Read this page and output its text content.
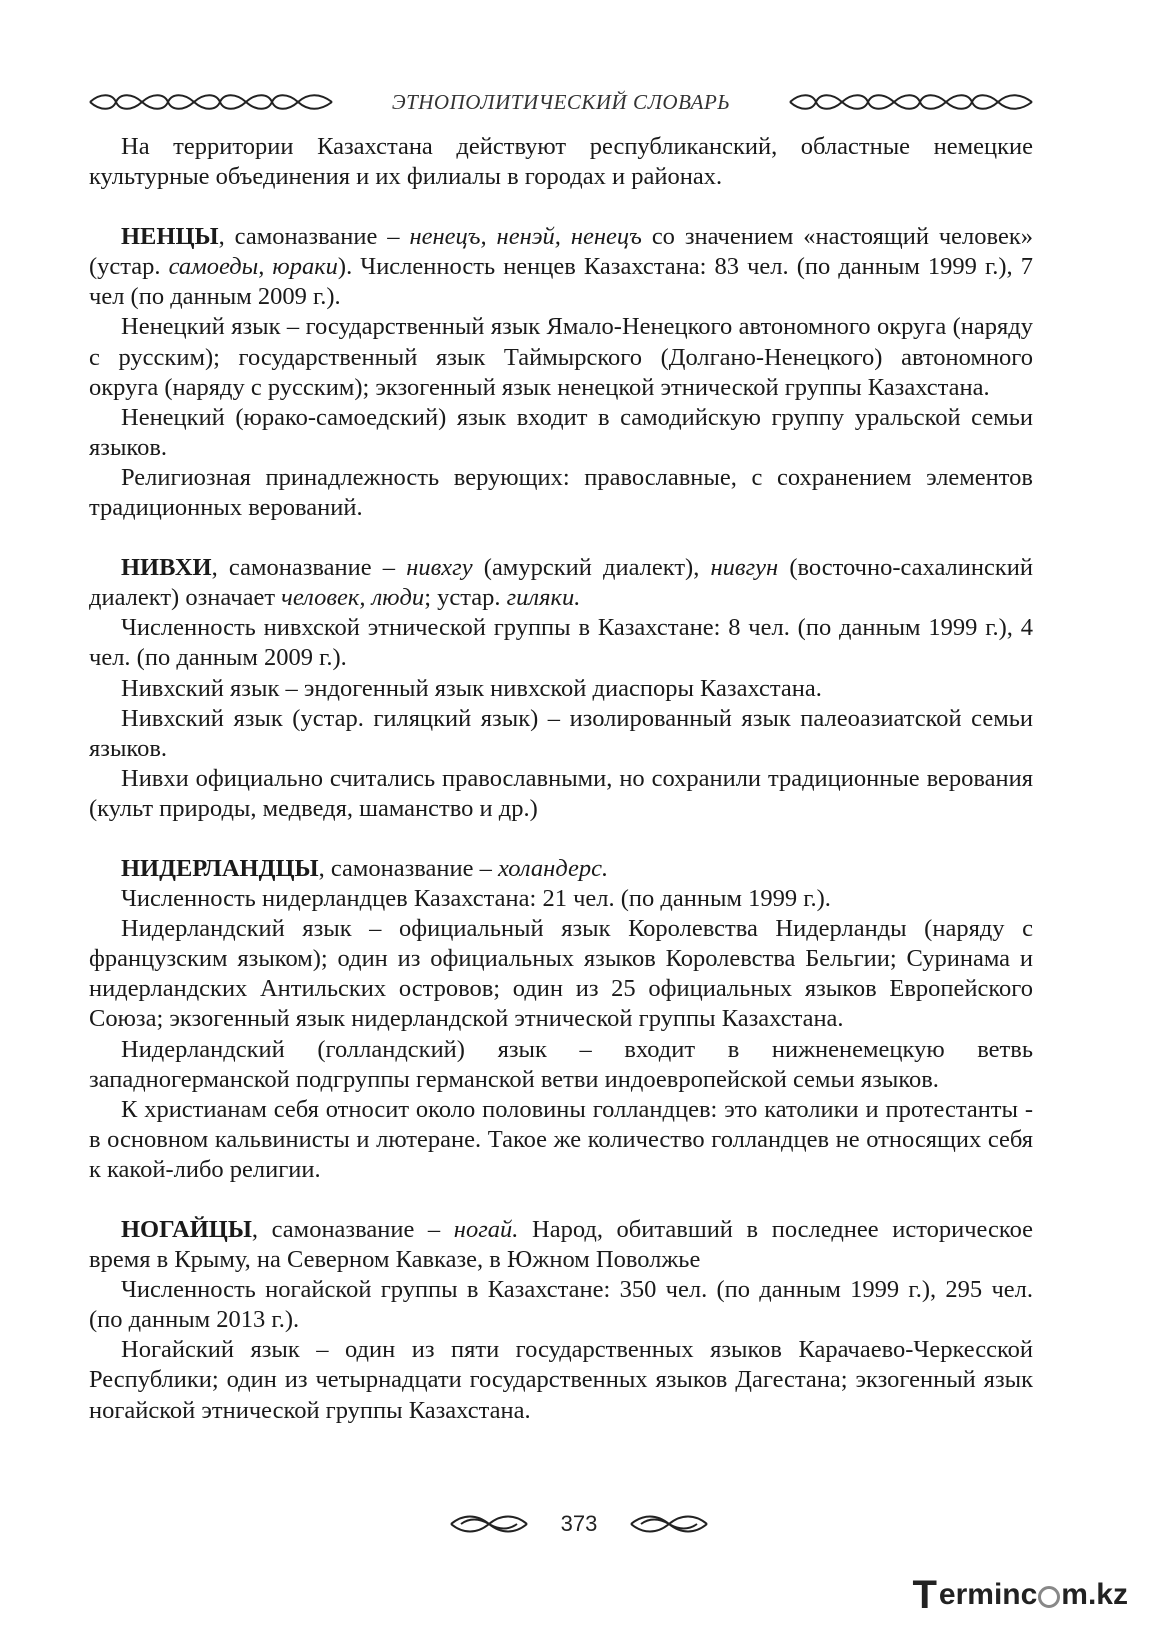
ЭТНОПОЛИТИЧЕСКИЙ СЛОВАРЬ

На территории Казахстана действуют республиканский, областные немецкие культурные объединения и их филиалы в городах и районах.

НЕНЦЫ, самоназвание – ненецъ, ненэй, ненецъ со значением «настоящий человек» (устар. самоеды, юраки). Численность ненцев Казахстана: 83 чел. (по данным 1999 г.), 7 чел (по данным 2009 г.).

Ненецкий язык – государственный язык Ямало-Ненецкого автономного округа (наряду с русским); государственный язык Таймырского (Долгано-Ненецкого) автономного округа (наряду с русским); экзогенный язык ненецкой этнической группы Казахстана.

Ненецкий (юрако-самоедский) язык входит в самодийскую группу уральской семьи языков.

Религиозная принадлежность верующих: православные, с сохранением элементов традиционных верований.

НИВХИ, самоназвание – нивхгу (амурский диалект), нивгун (восточно-сахалинский диалект) означает человек, люди; устар. гиляки.

Численность нивхской этнической группы в Казахстане: 8 чел. (по данным 1999 г.), 4 чел. (по данным 2009 г.).

Нивхский язык – эндогенный язык нивхской диаспоры Казахстана.

Нивхский язык (устар. гиляцкий язык) – изолированный язык палеоазиатской семьи языков.

Нивхи официально считались православными, но сохранили традиционные верования (культ природы, медведя, шаманство и др.)

НИДЕРЛАНДЦЫ, самоназвание – холандерс.

Численность нидерландцев Казахстана: 21 чел. (по данным 1999 г.).

Нидерландский язык – официальный язык Королевства Нидерланды (наряду с французским языком); один из официальных языков Королевства Бельгии; Суринама и нидерландских Антильских островов; один из 25 официальных языков Европейского Союза; экзогенный язык нидерландской этнической группы Казахстана.

Нидерландский (голландский) язык – входит в нижненемецкую ветвь западногерманской подгруппы германской ветви индоевропейской семьи языков.

К христианам себя относит около половины голландцев: это католики и протестанты - в основном кальвинисты и лютеране. Такое же количество голландцев не относящих себя к какой-либо религии.

НОГАЙЦЫ, самоназвание – ногай. Народ, обитавший в последнее историческое время в Крыму, на Северном Кавказе, в Южном Поволжье

Численность ногайской группы в Казахстане: 350 чел. (по данным 1999 г.), 295 чел. (по данным 2013 г.).

Ногайский язык – один из пяти государственных языков Карачаево-Черкесской Республики; один из четырнадцати государственных языков Дагестана; экзогенный язык ногайской этнической группы Казахстана.

373
T erminc m.kz
